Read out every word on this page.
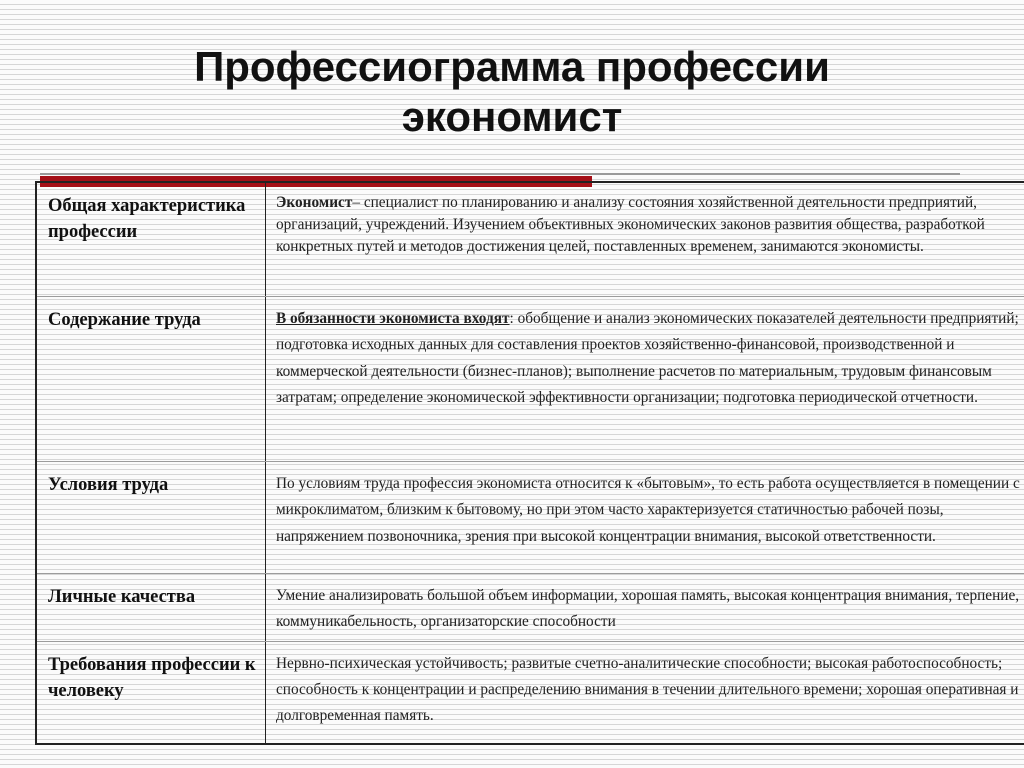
Профессиограмма профессии
экономист
Общая характеристика профессии	Экономист– специалист по планированию и анализу состояния хозяйственной деятельности предприятий, организаций, учреждений. Изучением объективных экономических законов развития общества, разработкой конкретных путей и методов достижения целей, поставленных временем, занимаются экономисты.
Содержание труда	В обязанности экономиста входят: обобщение и анализ экономических показателей деятельности предприятий; подготовка исходных данных для составления проектов хозяйственно-финансовой, производственной и коммерческой деятельности (бизнес-планов); выполнение расчетов по материальным, трудовым финансовым затратам; определение экономической эффективности организации; подготовка периодической отчетности.
Условия труда	По условиям труда профессия экономиста относится к «бытовым», то есть работа осуществляется в помещении с микроклиматом, близким к бытовому, но при этом часто характеризуется статичностью рабочей позы, напряжением позвоночника, зрения при высокой концентрации внимания, высокой ответственности.
Личные качества	Умение анализировать большой объем информации, хорошая память, высокая концентрация внимания, терпение, коммуникабельность, организаторские способности
Требования профессии к человеку	Нервно-психическая устойчивость; развитые счетно-аналитические способности; высокая работоспособность; способность к концентрации и распределению внимания в течении длительного времени; хорошая оперативная и долговременная память.
